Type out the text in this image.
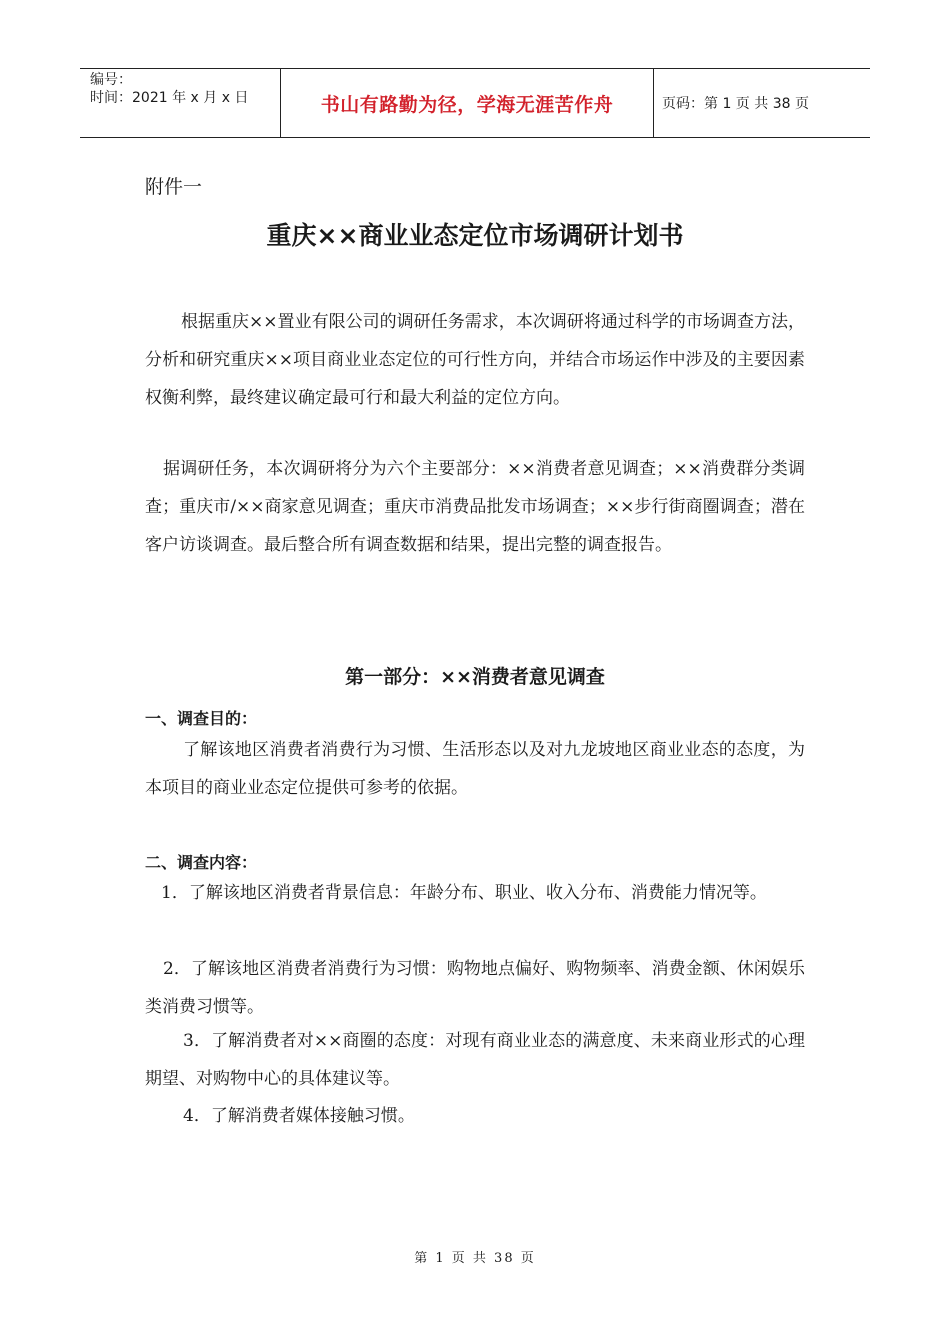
编号：
时间：2021 年 x 月 x 日	书山有路勤为径，学海无涯苦作舟	页码：第 1 页 共 38 页
附件一
重庆××商业业态定位市场调研计划书

根据重庆××置业有限公司的调研任务需求，本次调研将通过科学的市场调查方法，分析和研究重庆××项目商业业态定位的可行性方向，并结合市场运作中涉及的主要因素权衡利弊，最终建议确定最可行和最大利益的定位方向。

据调研任务，本次调研将分为六个主要部分：××消费者意见调查；××消费群分类调查；重庆市/××商家意见调查；重庆市消费品批发市场调查；××步行街商圈调查；潜在客户访谈调查。最后整合所有调查数据和结果，提出完整的调查报告。

第一部分：××消费者意见调查
一、调查目的：

了解该地区消费者消费行为习惯、生活形态以及对九龙坡地区商业业态的态度，为本项目的商业业态定位提供可参考的依据。

二、调查内容：

1．了解该地区消费者背景信息：年龄分布、职业、收入分布、消费能力情况等。

2．了解该地区消费者消费行为习惯：购物地点偏好、购物频率、消费金额、休闲娱乐类消费习惯等。

3．了解消费者对××商圈的态度：对现有商业业态的满意度、未来商业形式的心理期望、对购物中心的具体建议等。

4．了解消费者媒体接触习惯。

第 1 页 共 38 页
